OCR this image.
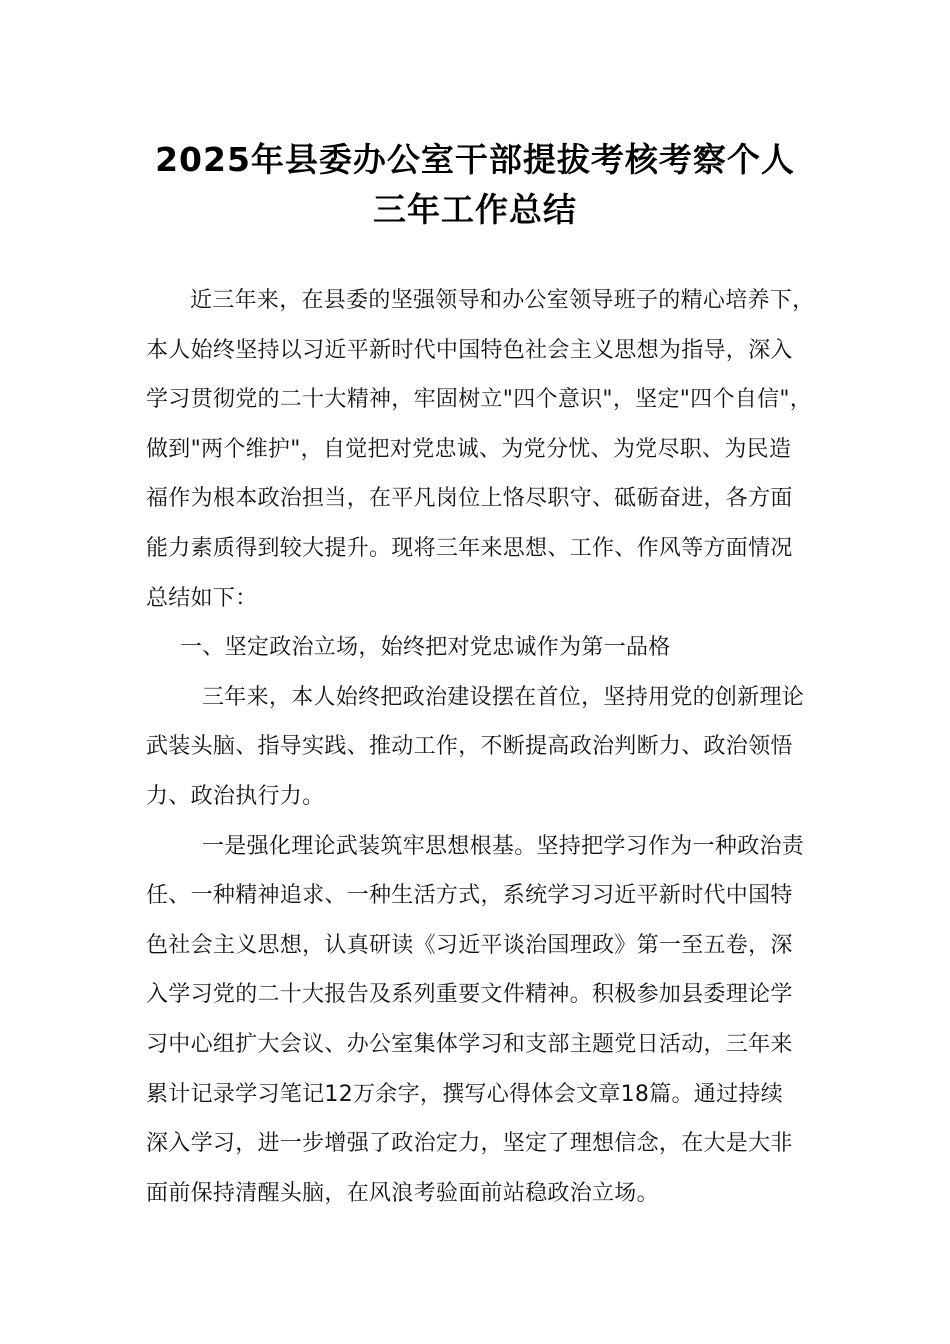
2025年县委办公室干部提拔考核考察个人
三年工作总结
近三年来，在县委的坚强领导和办公室领导班子的精心培养下，
本人始终坚持以习近平新时代中国特色社会主义思想为指导，深入
学习贯彻党的二十大精神，牢固树立"四个意识"，坚定"四个自信"，
做到"两个维护"，自觉把对党忠诚、为党分忧、为党尽职、为民造
福作为根本政治担当，在平凡岗位上恪尽职守、砥砺奋进，各方面
能力素质得到较大提升。现将三年来思想、工作、作风等方面情况
总结如下：
一、坚定政治立场，始终把对党忠诚作为第一品格
三年来，本人始终把政治建设摆在首位，坚持用党的创新理论
武装头脑、指导实践、推动工作，不断提高政治判断力、政治领悟
力、政治执行力。
一是强化理论武装筑牢思想根基。坚持把学习作为一种政治责
任、一种精神追求、一种生活方式，系统学习习近平新时代中国特
色社会主义思想，认真研读《习近平谈治国理政》第一至五卷，深
入学习党的二十大报告及系列重要文件精神。积极参加县委理论学
习中心组扩大会议、办公室集体学习和支部主题党日活动，三年来
累计记录学习笔记12万余字，撰写心得体会文章18篇。通过持续
深入学习，进一步增强了政治定力，坚定了理想信念，在大是大非
面前保持清醒头脑，在风浪考验面前站稳政治立场。
